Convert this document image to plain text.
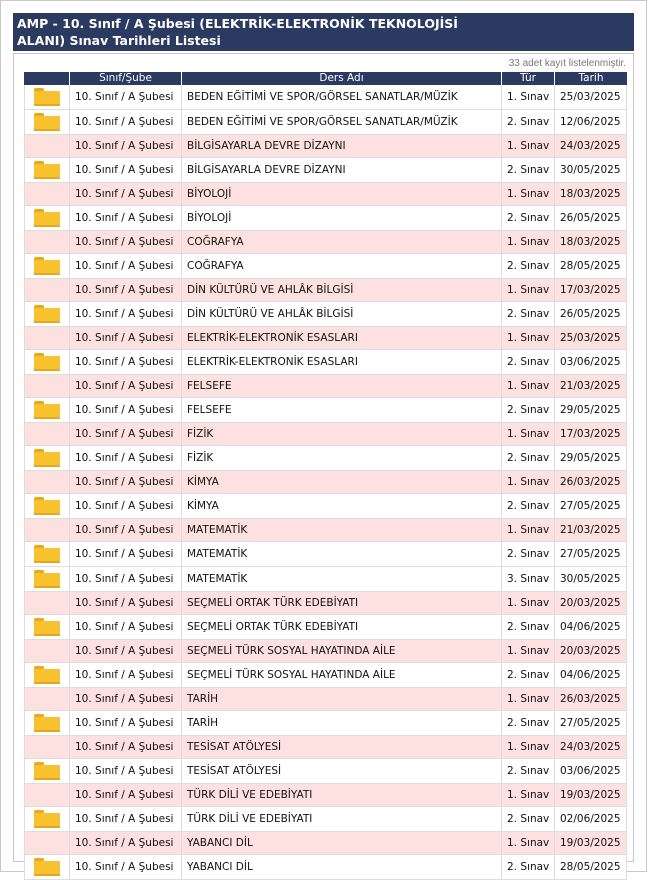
AMP - 10. Sınıf / A Şubesi (ELEKTRİK-ELEKTRONİK TEKNOLOJİSİ
ALANI) Sınav Tarihleri Listesi
33 adet kayıt listelenmiştir.
	Sınıf/Şube	Ders Adı	Tür	Tarih

	10. Sınıf / A Şubesi	BEDEN EĞİTİMİ VE SPOR/GÖRSEL SANATLAR/MÜZİK	1. Sınav	25/03/2025

	10. Sınıf / A Şubesi	BEDEN EĞİTİMİ VE SPOR/GÖRSEL SANATLAR/MÜZİK	2. Sınav	12/06/2025
	10. Sınıf / A Şubesi	BİLGİSAYARLA DEVRE DİZAYNI	1. Sınav	24/03/2025

	10. Sınıf / A Şubesi	BİLGİSAYARLA DEVRE DİZAYNI	2. Sınav	30/05/2025
	10. Sınıf / A Şubesi	BİYOLOJİ	1. Sınav	18/03/2025

	10. Sınıf / A Şubesi	BİYOLOJİ	2. Sınav	26/05/2025
	10. Sınıf / A Şubesi	COĞRAFYA	1. Sınav	18/03/2025

	10. Sınıf / A Şubesi	COĞRAFYA	2. Sınav	28/05/2025
	10. Sınıf / A Şubesi	DİN KÜLTÜRÜ VE AHLÂK BİLGİSİ	1. Sınav	17/03/2025

	10. Sınıf / A Şubesi	DİN KÜLTÜRÜ VE AHLÂK BİLGİSİ	2. Sınav	26/05/2025
	10. Sınıf / A Şubesi	ELEKTRİK-ELEKTRONİK ESASLARI	1. Sınav	25/03/2025

	10. Sınıf / A Şubesi	ELEKTRİK-ELEKTRONİK ESASLARI	2. Sınav	03/06/2025
	10. Sınıf / A Şubesi	FELSEFE	1. Sınav	21/03/2025

	10. Sınıf / A Şubesi	FELSEFE	2. Sınav	29/05/2025
	10. Sınıf / A Şubesi	FİZİK	1. Sınav	17/03/2025

	10. Sınıf / A Şubesi	FİZİK	2. Sınav	29/05/2025
	10. Sınıf / A Şubesi	KİMYA	1. Sınav	26/03/2025

	10. Sınıf / A Şubesi	KİMYA	2. Sınav	27/05/2025
	10. Sınıf / A Şubesi	MATEMATİK	1. Sınav	21/03/2025

	10. Sınıf / A Şubesi	MATEMATİK	2. Sınav	27/05/2025

	10. Sınıf / A Şubesi	MATEMATİK	3. Sınav	30/05/2025
	10. Sınıf / A Şubesi	SEÇMELİ ORTAK TÜRK EDEBİYATI	1. Sınav	20/03/2025

	10. Sınıf / A Şubesi	SEÇMELİ ORTAK TÜRK EDEBİYATI	2. Sınav	04/06/2025
	10. Sınıf / A Şubesi	SEÇMELİ TÜRK SOSYAL HAYATINDA AİLE	1. Sınav	20/03/2025

	10. Sınıf / A Şubesi	SEÇMELİ TÜRK SOSYAL HAYATINDA AİLE	2. Sınav	04/06/2025
	10. Sınıf / A Şubesi	TARİH	1. Sınav	26/03/2025

	10. Sınıf / A Şubesi	TARİH	2. Sınav	27/05/2025
	10. Sınıf / A Şubesi	TESİSAT ATÖLYESİ	1. Sınav	24/03/2025

	10. Sınıf / A Şubesi	TESİSAT ATÖLYESİ	2. Sınav	03/06/2025
	10. Sınıf / A Şubesi	TÜRK DİLİ VE EDEBİYATI	1. Sınav	19/03/2025

	10. Sınıf / A Şubesi	TÜRK DİLİ VE EDEBİYATI	2. Sınav	02/06/2025
	10. Sınıf / A Şubesi	YABANCI DİL	1. Sınav	19/03/2025

	10. Sınıf / A Şubesi	YABANCI DİL	2. Sınav	28/05/2025
